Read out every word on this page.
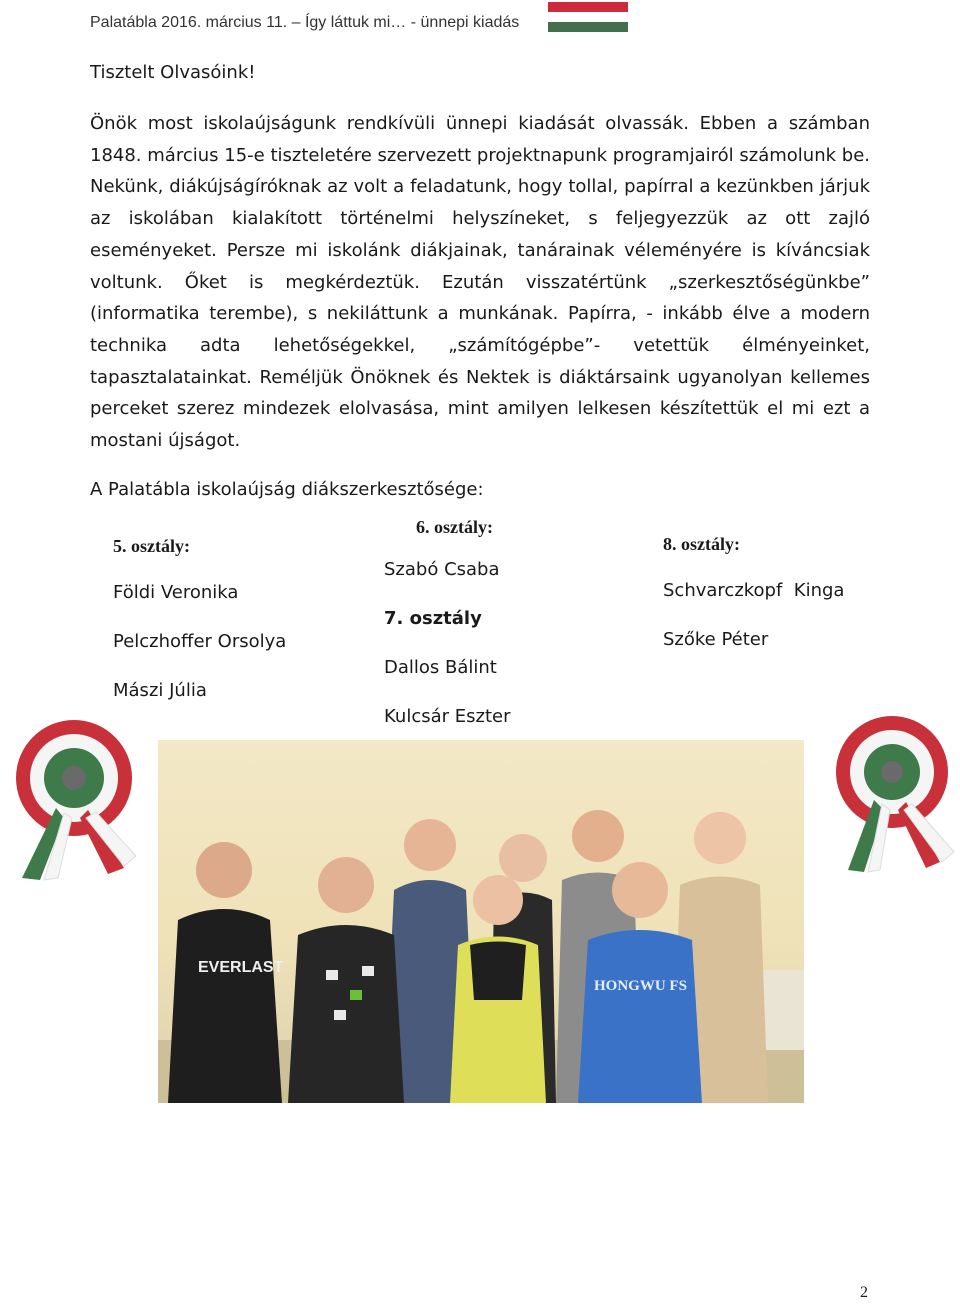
Palatábla 2016. március 11. – Így láttuk mi… - ünnepi kiadás
Tisztelt Olvasóink!

Önök most iskolaújságunk rendkívüli ünnepi kiadását olvassák. Ebben a számban 1848. március 15-e tiszteletére szervezett projektnapunk programjairól számolunk be. Nekünk, diákújságíróknak az volt a feladatunk, hogy tollal, papírral a kezünkben járjuk az iskolában kialakított történelmi helyszíneket, s feljegyezzük az ott zajló eseményeket. Persze mi iskolánk diákjainak, tanárainak véleményére is kíváncsiak voltunk. Őket is megkérdeztük. Ezután visszatértünk „szerkesztőségünkbe” (informatika terembe), s nekiláttunk a munkának. Papírra, - inkább élve a modern technika adta lehetőségekkel, „számítógépbe”- vetettük élményeinket, tapasztalatainkat. Reméljük Önöknek és Nektek is diáktársaink ugyanolyan kellemes perceket szerez mindezek elolvasása, mint amilyen lelkesen készítettük el mi ezt a mostani újságot.

A Palatábla iskolaújság diákszerkesztősége:
5. osztály:
Földi Veronika
Pelczhoffer Orsolya
Mászi Júlia
6. osztály:
Szabó Csaba
7. osztály
Dallos Bálint
Kulcsár Eszter
8. osztály:
Schvarczkopf  Kinga
Szőke Péter
EVERLAST
HONGWU FS
2
